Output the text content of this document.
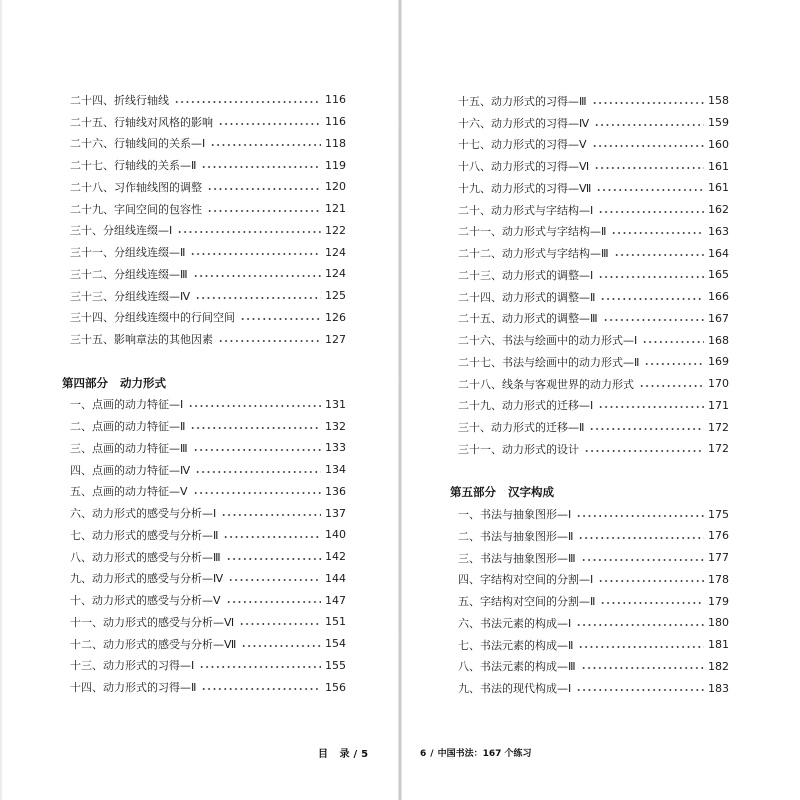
二十四、折线行轴线	116
二十五、行轴线对风格的影响	116
二十六、行轴线间的关系—Ⅰ	118
二十七、行轴线的关系—Ⅱ	119
二十八、习作轴线图的调整	120
二十九、字间空间的包容性	121
三十、分组线连缀—Ⅰ	122
三十一、分组线连缀—Ⅱ	124
三十二、分组线连缀—Ⅲ	124
三十三、分组线连缀—Ⅳ	125
三十四、分组线连缀中的行间空间	126
三十五、影响章法的其他因素	127
第四部分 动力形式
一、点画的动力特征—Ⅰ	131
二、点画的动力特征—Ⅱ	132
三、点画的动力特征—Ⅲ	133
四、点画的动力特征—Ⅳ	134
五、点画的动力特征—Ⅴ	136
六、动力形式的感受与分析—Ⅰ	137
七、动力形式的感受与分析—Ⅱ	140
八、动力形式的感受与分析—Ⅲ	142
九、动力形式的感受与分析—Ⅳ	144
十、动力形式的感受与分析—Ⅴ	147
十一、动力形式的感受与分析—Ⅵ	151
十二、动力形式的感受与分析—Ⅶ	154
十三、动力形式的习得—Ⅰ	155
十四、动力形式的习得—Ⅱ	156
目 录 / 5
十五、动力形式的习得—Ⅲ	158
十六、动力形式的习得—Ⅳ	159
十七、动力形式的习得—Ⅴ	160
十八、动力形式的习得—Ⅵ	161
十九、动力形式的习得—Ⅶ	161
二十、动力形式与字结构—Ⅰ	162
二十一、动力形式与字结构—Ⅱ	163
二十二、动力形式与字结构—Ⅲ	164
二十三、动力形式的调整—Ⅰ	165
二十四、动力形式的调整—Ⅱ	166
二十五、动力形式的调整—Ⅲ	167
二十六、书法与绘画中的动力形式—Ⅰ	168
二十七、书法与绘画中的动力形式—Ⅱ	169
二十八、线条与客观世界的动力形式	170
二十九、动力形式的迁移—Ⅰ	171
三十、动力形式的迁移—Ⅱ	172
三十一、动力形式的设计	172
第五部分 汉字构成
一、书法与抽象图形—Ⅰ	175
二、书法与抽象图形—Ⅱ	176
三、书法与抽象图形—Ⅲ	177
四、字结构对空间的分割—Ⅰ	178
五、字结构对空间的分割—Ⅱ	179
六、书法元素的构成—Ⅰ	180
七、书法元素的构成—Ⅱ	181
八、书法元素的构成—Ⅲ	182
九、书法的现代构成—Ⅰ	183
6 / 中国书法：167 个练习
